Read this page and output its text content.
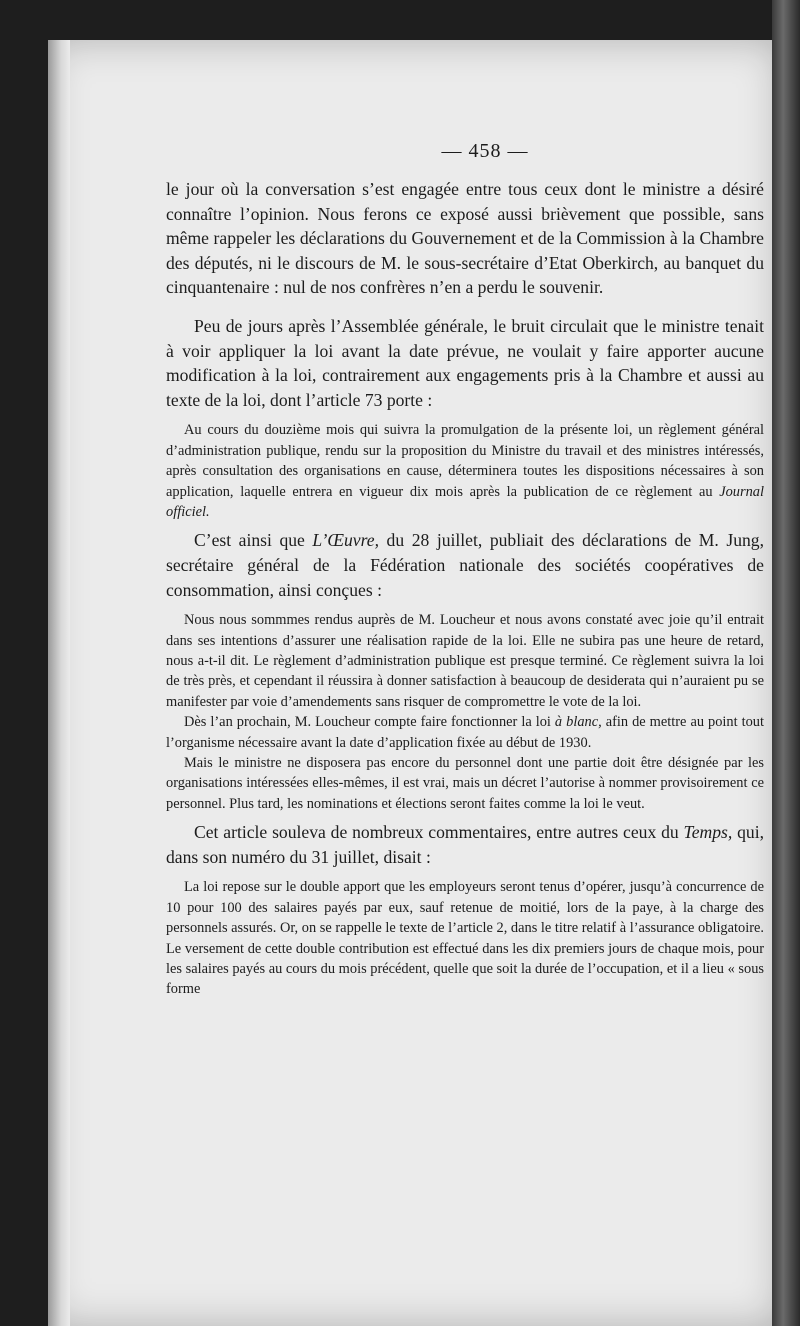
— 458 —

le jour où la conversation s’est engagée entre tous ceux dont le ministre a désiré connaître l’opinion. Nous ferons ce exposé aussi brièvement que possible, sans même rappeler les déclarations du Gouvernement et de la Commission à la Chambre des députés, ni le discours de M. le sous-secrétaire d’Etat Oberkirch, au banquet du cinquantenaire : nul de nos confrères n’en a perdu le souvenir.

Peu de jours après l’Assemblée générale, le bruit circulait que le ministre tenait à voir appliquer la loi avant la date prévue, ne voulait y faire apporter aucune modification à la loi, contrairement aux engagements pris à la Chambre et aussi au texte de la loi, dont l’article 73 porte :

Au cours du douzième mois qui suivra la promulgation de la présente loi, un règlement général d’administration publique, rendu sur la proposition du Ministre du travail et des ministres intéressés, après consultation des organisations en cause, déterminera toutes les dispositions nécessaires à son application, laquelle entrera en vigueur dix mois après la publication de ce règlement au Journal officiel.

C’est ainsi que L’Œuvre, du 28 juillet, publiait des déclarations de M. Jung, secrétaire général de la Fédération nationale des sociétés coopératives de consommation, ainsi conçues :

Nous nous sommmes rendus auprès de M. Loucheur et nous avons constaté avec joie qu’il entrait dans ses intentions d’assurer une réalisation rapide de la loi. Elle ne subira pas une heure de retard, nous a-t-il dit. Le règlement d’administration publique est presque terminé. Ce règlement suivra la loi de très près, et cependant il réussira à donner satisfaction à beaucoup de desiderata qui n’auraient pu se manifester par voie d’amendements sans risquer de compromettre le vote de la loi.

Dès l’an prochain, M. Loucheur compte faire fonctionner la loi à blanc, afin de mettre au point tout l’organisme nécessaire avant la date d’application fixée au début de 1930.

Mais le ministre ne disposera pas encore du personnel dont une partie doit être désignée par les organisations intéressées elles-mêmes, il est vrai, mais un décret l’autorise à nommer provisoirement ce personnel. Plus tard, les nominations et élections seront faites comme la loi le veut.

Cet article souleva de nombreux commentaires, entre autres ceux du Temps, qui, dans son numéro du 31 juillet, disait :

La loi repose sur le double apport que les employeurs seront tenus d’opérer, jusqu’à concurrence de 10 pour 100 des salaires payés par eux, sauf retenue de moitié, lors de la paye, à la charge des personnels assurés. Or, on se rappelle le texte de l’article 2, dans le titre relatif à l’assurance obligatoire. Le versement de cette double contribution est effectué dans les dix premiers jours de chaque mois, pour les salaires payés au cours du mois précédent, quelle que soit la durée de l’occupation, et il a lieu « sous forme
